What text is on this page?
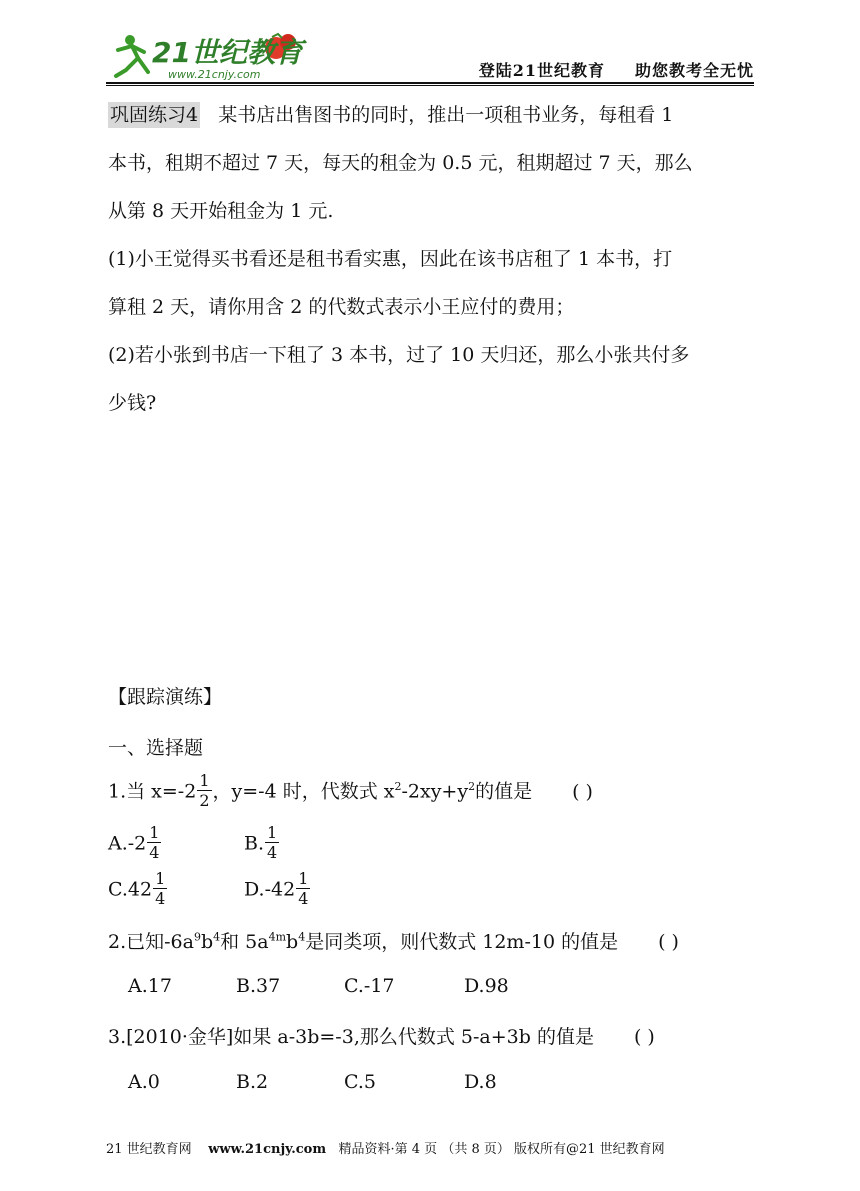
21世纪教育
www.21cnjy.com	登陆21世纪教育 助您教考全无忧
巩固练习4 某书店出售图书的同时，推出一项租书业务，每租看 1
本书，租期不超过 7 天，每天的租金为 0.5 元，租期超过 7 天，那么
从第 8 天开始租金为 1 元.
(1)小王觉得买书看还是租书看实惠，因此在该书店租了 1 本书，打
算租 2 天，请你用含 2 的代数式表示小王应付的费用；
(2)若小张到书店一下租了 3 本书，过了 10 天归还，那么小张共付多
少钱?
【跟踪演练】
一、选择题
1.当 $x=-2 \frac{1}{2}$ ，y=-4 时，代数式 $x^2-2xy+y^2$的值是 ( )
$A.-2 \frac{1}{4}$	B. $\frac{1}{4}$
$C.42 \frac{1}{4}$	$D.-42 \frac{1}{4}$
2.已知$-6a^9b^4$和 $5a^{4m}b^4$是同类项，则代数式 12m-10 的值是 ( )
A.17	B.37	C.-17	D.98
3.[2010·金华]如果 a-3b=-3,那么代数式 5-a+3b 的值是 ( )
A.0	B.2	C.5	D.8
21 世纪教育网 www.21cnjy.com 精品资料·第 4 页 （共 8 页） 版权所有@21 世纪教育网
